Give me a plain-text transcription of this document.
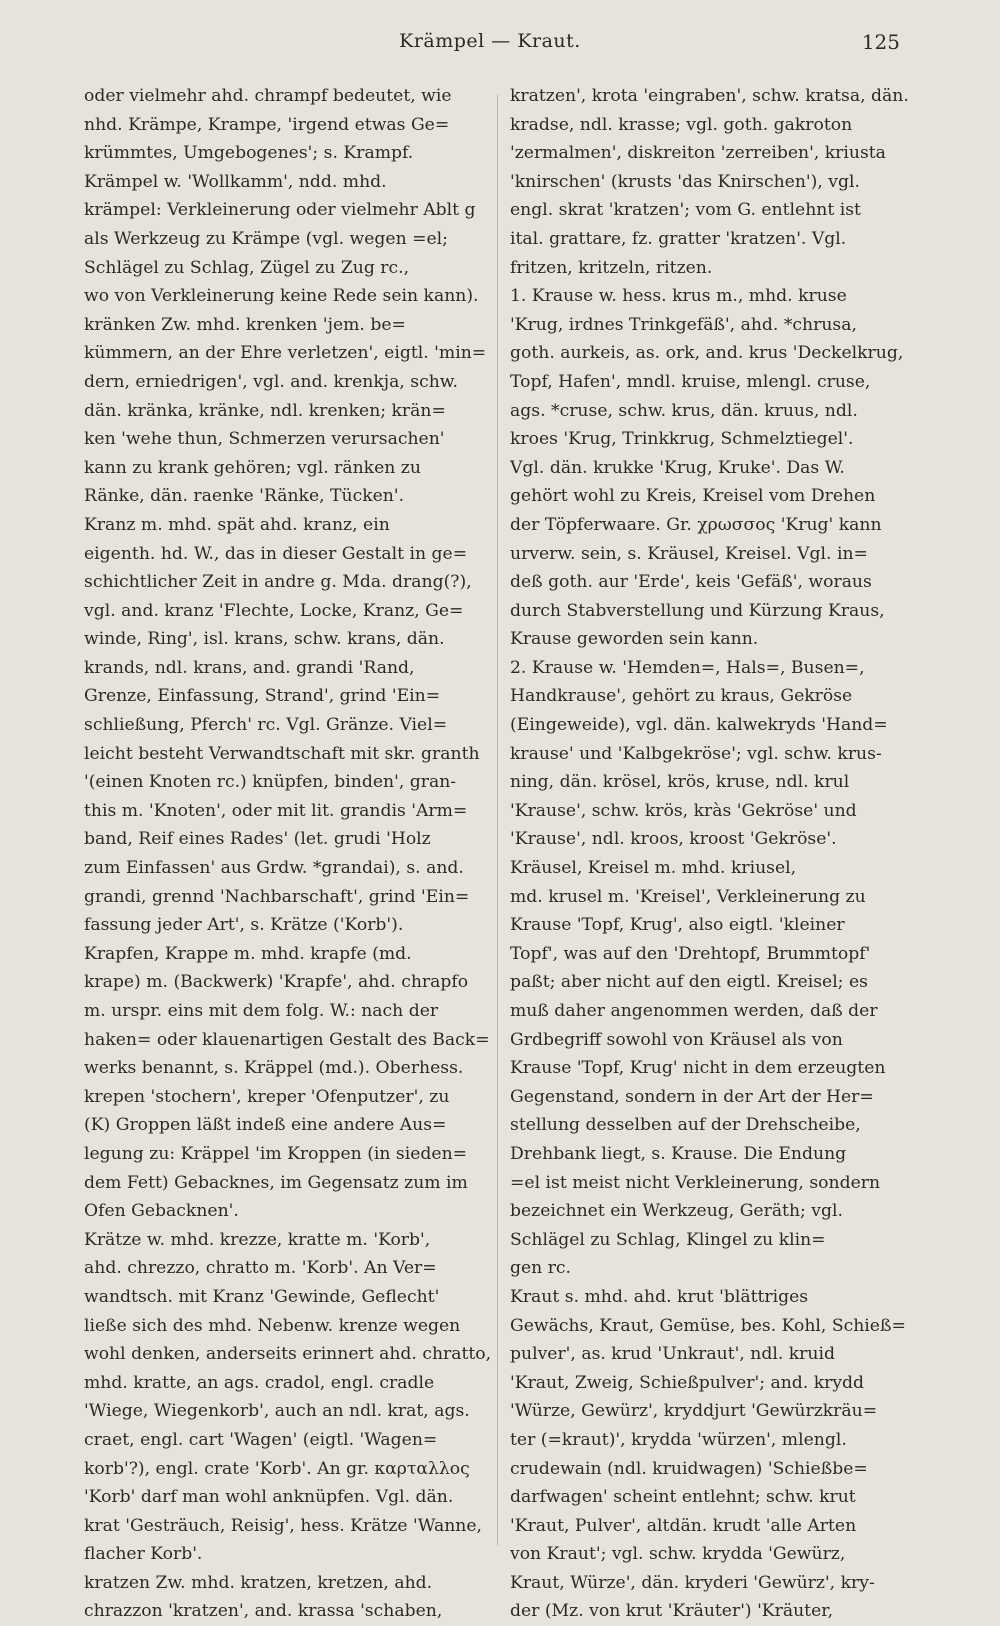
Krämpel — Kraut.	125
oder vielmehr ahd. chrampf bedeutet, wie
nhd. Krämpe, Krampe, 'irgend etwas Ge=
krümmtes, Umgebogenes'; s. Krampf.
Krämpel w. 'Wollkamm', ndd. mhd.
krämpel: Verkleinerung oder vielmehr Ablt g
als Werkzeug zu Krämpe (vgl. wegen =el;
Schlägel zu Schlag, Zügel zu Zug rc.,
wo von Verkleinerung keine Rede sein kann).
kränken Zw. mhd. krenken 'jem. be=
kümmern, an der Ehre verletzen', eigtl. 'min=
dern, erniedrigen', vgl. and. krenkja, schw.
dän. kränka, kränke, ndl. krenken; krän=
ken 'wehe thun, Schmerzen verursachen'
kann zu krank gehören; vgl. ränken zu
Ränke, dän. raenke 'Ränke, Tücken'.
Kranz m. mhd. spät ahd. kranz, ein
eigenth. hd. W., das in dieser Gestalt in ge=
schichtlicher Zeit in andre g. Mda. drang(?),
vgl. and. kranz 'Flechte, Locke, Kranz, Ge=
winde, Ring', isl. krans, schw. krans, dän.
krands, ndl. krans, and. grandi 'Rand,
Grenze, Einfassung, Strand', grind 'Ein=
schließung, Pferch' rc. Vgl. Gränze. Viel=
leicht besteht Verwandtschaft mit skr. granth
'(einen Knoten rc.) knüpfen, binden', gran-
this m. 'Knoten', oder mit lit. grandis 'Arm=
band, Reif eines Rades' (let. grudi 'Holz
zum Einfassen' aus Grdw. *grandai), s. and.
grandi, grennd 'Nachbarschaft', grind 'Ein=
fassung jeder Art', s. Krätze ('Korb').
Krapfen, Krappe m. mhd. krapfe (md.
krape) m. (Backwerk) 'Krapfe', ahd. chrapfo
m. urspr. eins mit dem folg. W.: nach der
haken= oder klauenartigen Gestalt des Back=
werks benannt, s. Kräppel (md.). Oberhess.
krepen 'stochern', kreper 'Ofenputzer', zu
(K) Groppen läßt indeß eine andere Aus=
legung zu: Kräppel 'im Kroppen (in sieden=
dem Fett) Gebacknes, im Gegensatz zum im
Ofen Gebacknen'.
Krätze w. mhd. krezze, kratte m. 'Korb',
ahd. chrezzo, chratto m. 'Korb'. An Ver=
wandtsch. mit Kranz 'Gewinde, Geflecht'
ließe sich des mhd. Nebenw. krenze wegen
wohl denken, anderseits erinnert ahd. chratto,
mhd. kratte, an ags. cradol, engl. cradle
'Wiege, Wiegenkorb', auch an ndl. krat, ags.
craet, engl. cart 'Wagen' (eigtl. 'Wagen=
korb'?), engl. crate 'Korb'. An gr. καρταλλος
'Korb' darf man wohl anknüpfen. Vgl. dän.
krat 'Gesträuch, Reisig', hess. Krätze 'Wanne,
flacher Korb'.
kratzen Zw. mhd. kratzen, kretzen, ahd.
chrazzon 'kratzen', and. krassa 'schaben,
kratzen', krota 'eingraben', schw. kratsa, dän.
kradse, ndl. krasse; vgl. goth. gakroton
'zermalmen', diskreiton 'zerreiben', kriusta
'knirschen' (krusts 'das Knirschen'), vgl.
engl. skrat 'kratzen'; vom G. entlehnt ist
ital. grattare, fz. gratter 'kratzen'. Vgl.
fritzen, kritzeln, ritzen.
1. Krause w. hess. krus m., mhd. kruse
'Krug, irdnes Trinkgefäß', ahd. *chrusa,
goth. aurkeis, as. ork, and. krus 'Deckelkrug,
Topf, Hafen', mndl. kruise, mlengl. cruse,
ags. *cruse, schw. krus, dän. kruus, ndl.
kroes 'Krug, Trinkkrug, Schmelztiegel'.
Vgl. dän. krukke 'Krug, Kruke'. Das W.
gehört wohl zu Kreis, Kreisel vom Drehen
der Töpferwaare. Gr. χρωσσος 'Krug' kann
urverw. sein, s. Kräusel, Kreisel. Vgl. in=
deß goth. aur 'Erde', keis 'Gefäß', woraus
durch Stabverstellung und Kürzung Kraus,
Krause geworden sein kann.
2. Krause w. 'Hemden=, Hals=, Busen=,
Handkrause', gehört zu kraus, Gekröse
(Eingeweide), vgl. dän. kalwekryds 'Hand=
krause' und 'Kalbgekröse'; vgl. schw. krus-
ning, dän. krösel, krös, kruse, ndl. krul
'Krause', schw. krös, kràs 'Gekröse' und
'Krause', ndl. kroos, kroost 'Gekröse'.
Kräusel, Kreisel m. mhd. kriusel,
md. krusel m. 'Kreisel', Verkleinerung zu
Krause 'Topf, Krug', also eigtl. 'kleiner
Topf', was auf den 'Drehtopf, Brummtopf'
paßt; aber nicht auf den eigtl. Kreisel; es
muß daher angenommen werden, daß der
Grdbegriff sowohl von Kräusel als von
Krause 'Topf, Krug' nicht in dem erzeugten
Gegenstand, sondern in der Art der Her=
stellung desselben auf der Drehscheibe,
Drehbank liegt, s. Krause. Die Endung
=el ist meist nicht Verkleinerung, sondern
bezeichnet ein Werkzeug, Geräth; vgl.
Schlägel zu Schlag, Klingel zu klin=
gen rc.
Kraut s. mhd. ahd. krut 'blättriges
Gewächs, Kraut, Gemüse, bes. Kohl, Schieß=
pulver', as. krud 'Unkraut', ndl. kruid
'Kraut, Zweig, Schießpulver'; and. krydd
'Würze, Gewürz', kryddjurt 'Gewürzkräu=
ter (=kraut)', krydda 'würzen', mlengl.
crudewain (ndl. kruidwagen) 'Schießbe=
darfwagen' scheint entlehnt; schw. krut
'Kraut, Pulver', altdän. krudt 'alle Arten
von Kraut'; vgl. schw. krydda 'Gewürz,
Kraut, Würze', dän. kryderi 'Gewürz', kry-
der (Mz. von krut 'Kräuter') 'Kräuter,
